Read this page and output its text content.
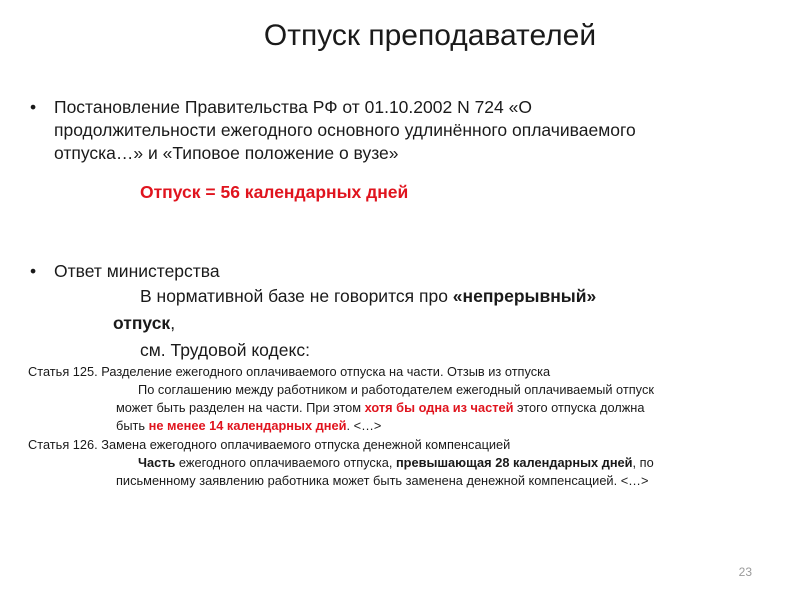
Отпуск преподавателей
•	Постановление Правительства РФ от 01.10.2002 N 724 «О продолжительности ежегодного основного удлинённого оплачиваемого отпуска…» и «Типовое положение о вузе»
Отпуск = 56 календарных дней
•	Ответ министерства
В нормативной базе не говорится про «непрерывный»
отпуск,
см. Трудовой кодекс:
Статья 125. Разделение ежегодного оплачиваемого отпуска на части. Отзыв из отпуска
По соглашению между работником и работодателем ежегодный оплачиваемый отпуск
может быть разделен на части. При этом хотя бы одна из частей этого отпуска должна
быть не менее 14 календарных дней. <…>
Статья 126. Замена ежегодного оплачиваемого отпуска денежной компенсацией
Часть ежегодного оплачиваемого отпуска, превышающая 28 календарных дней, по
письменному заявлению работника может быть заменена денежной компенсацией. <…>
23
